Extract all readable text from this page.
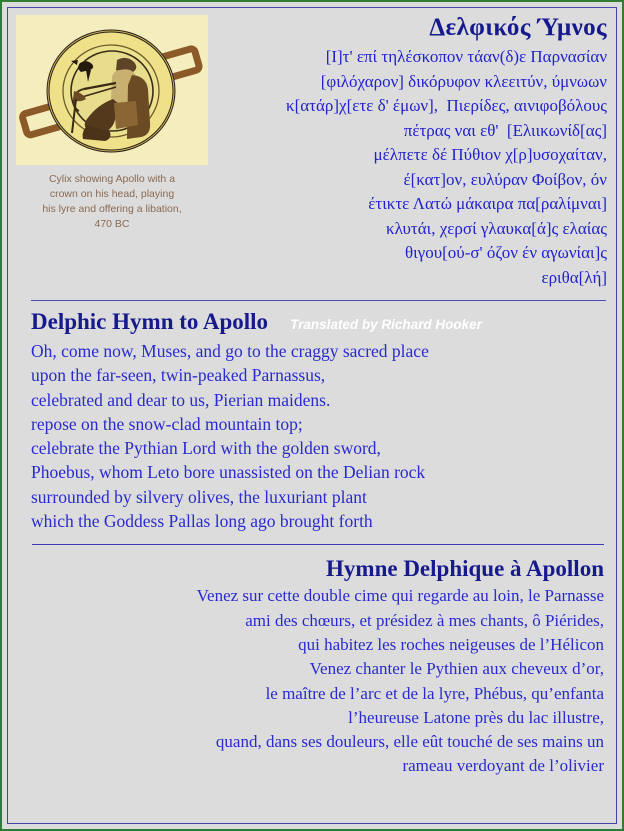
Cylix showing Apollo with a
crown on his head, playing
his lyre and offering a libation,
470 BC
Δελφικός Ύμνος
[Ι]τ' επί τηλέσκοπον τάαν(δ)ε Παρνασίαν
[φιλόχαρον] δικόρυφον κλεειτύν, ύμνωων
κ[ατάρ]χ[ετε δ' έμων],  Πιερίδες, αινιφοβόλους
πέτρας ναι εθ'  [Ελιικωνίδ[ας]
μέλπετε δέ Πύθιον χ[ρ]υσοχαίταν,
έ[κατ]ον, ευλύραν Φοίβον, όν
έτικτε Λατώ μάκαιρα πα[ραλίμναι]
κλυτάι, χερσί γλαυκα[ά]ς ελαίας
θιγου[ού-σ' όζον έν αγωνίαι]ς
εριθα[λή]
Delphic Hymn to Apollo Translated by Richard Hooker
Oh, come now, Muses, and go to the craggy sacred place
upon the far-seen, twin-peaked Parnassus,
celebrated and dear to us, Pierian maidens.
repose on the snow-clad mountain top;
celebrate the Pythian Lord with the golden sword,
Phoebus, whom Leto bore unassisted on the Delian rock
surrounded by silvery olives, the luxuriant plant
which the Goddess Pallas long ago brought forth
Hymne Delphique à Apollon
Venez sur cette double cime qui regarde au loin, le Parnasse
ami des chœurs, et présidez à mes chants, ô Piérides,
qui habitez les roches neigeuses de l’Hélicon
Venez chanter le Pythien aux cheveux d’or,
le maître de l’arc et de la lyre, Phébus, qu’enfanta
l’heureuse Latone près du lac illustre,
quand, dans ses douleurs, elle eût touché de ses mains un
rameau verdoyant de l’olivier
